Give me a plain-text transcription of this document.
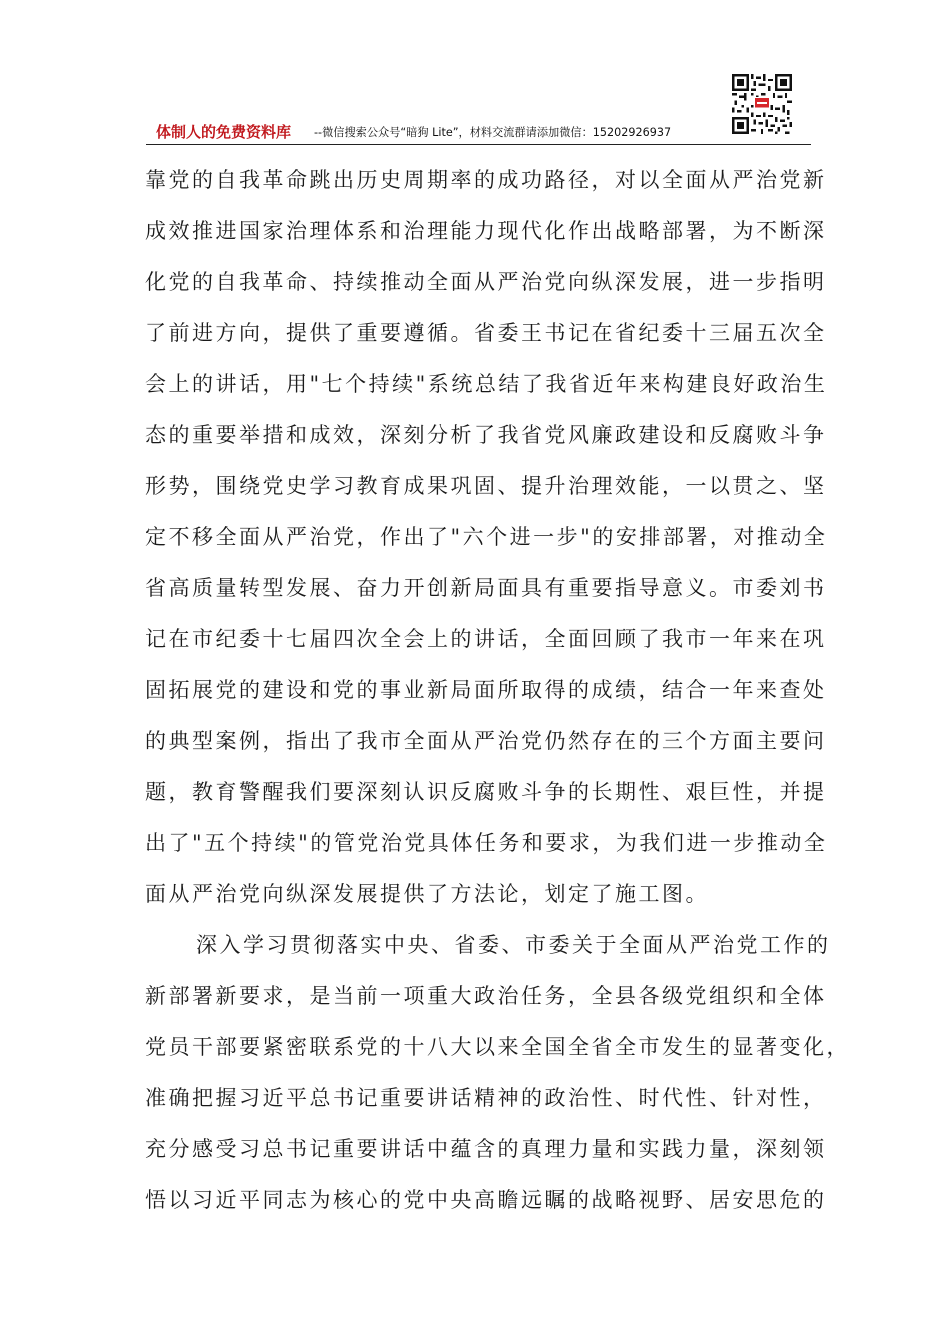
体制人的免费资料库 --微信搜索公众号“暗狗 Lite”，材料交流群请添加微信：15202926937
靠党的自我革命跳出历史周期率的成功路径，对以全面从严治党新
成效推进国家治理体系和治理能力现代化作出战略部署，为不断深
化党的自我革命、持续推动全面从严治党向纵深发展，进一步指明
了前进方向，提供了重要遵循。省委王书记在省纪委十三届五次全
会上的讲话，用"七个持续"系统总结了我省近年来构建良好政治生
态的重要举措和成效，深刻分析了我省党风廉政建设和反腐败斗争
形势，围绕党史学习教育成果巩固、提升治理效能，一以贯之、坚
定不移全面从严治党，作出了"六个进一步"的安排部署，对推动全
省高质量转型发展、奋力开创新局面具有重要指导意义。市委刘书
记在市纪委十七届四次全会上的讲话，全面回顾了我市一年来在巩
固拓展党的建设和党的事业新局面所取得的成绩，结合一年来查处
的典型案例，指出了我市全面从严治党仍然存在的三个方面主要问
题，教育警醒我们要深刻认识反腐败斗争的长期性、艰巨性，并提
出了"五个持续"的管党治党具体任务和要求，为我们进一步推动全
面从严治党向纵深发展提供了方法论，划定了施工图。
深入学习贯彻落实中央、省委、市委关于全面从严治党工作的
新部署新要求，是当前一项重大政治任务，全县各级党组织和全体
党员干部要紧密联系党的十八大以来全国全省全市发生的显著变化，
准确把握习近平总书记重要讲话精神的政治性、时代性、针对性，
充分感受习总书记重要讲话中蕴含的真理力量和实践力量，深刻领
悟以习近平同志为核心的党中央高瞻远瞩的战略视野、居安思危的
